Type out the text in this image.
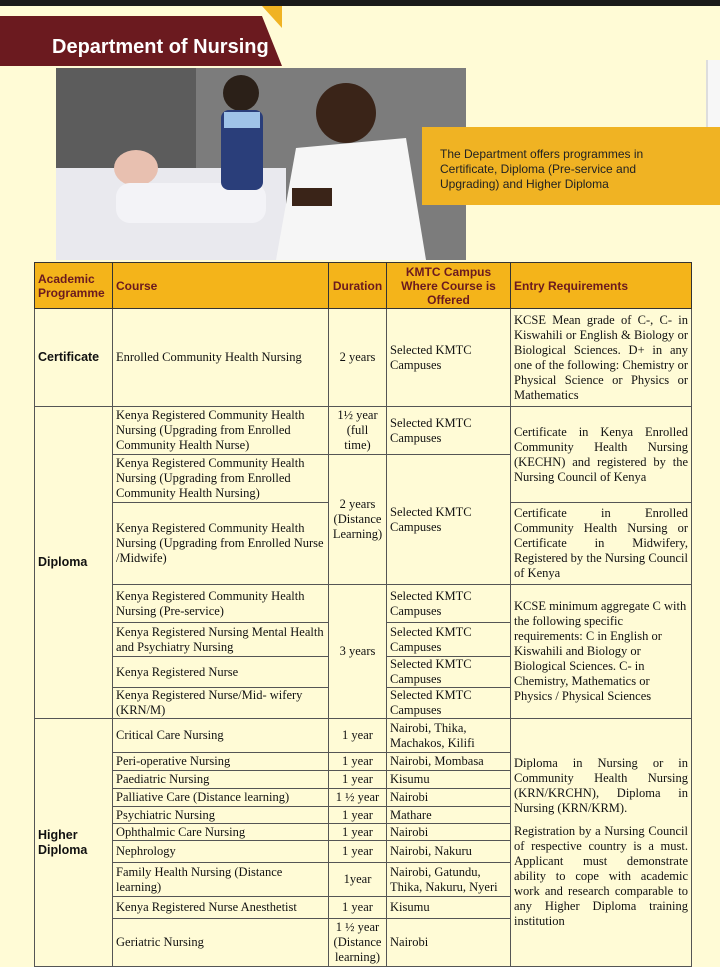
Department of Nursing
The Department offers programmes in Certificate, Diploma (Pre-service and Upgrading) and Higher Diploma
Academic Programme	Course	Duration	KMTC Campus Where Course is Offered	Entry Requirements
Certificate	Enrolled Community Health Nursing	2 years	Selected KMTC Campuses	KCSE Mean grade of C-, C- in Kiswahili or English & Biology or Biological Sciences. D+ in any one of the following: Chemistry or Physical Science or Physics or Mathematics
Diploma	Kenya Registered Community Health Nursing (Upgrading from Enrolled Community Health Nurse)	1½ year (full time)	Selected KMTC Campuses	Certificate in Kenya Enrolled Community Health Nursing (KECHN) and registered by the Nursing Council of Kenya
	Kenya Registered Community Health Nursing (Upgrading from Enrolled Community Health Nursing)	2 years (Distance Learning)	Selected KMTC Campuses	
	Kenya Registered Community Health Nursing (Upgrading from Enrolled Nurse /Midwife)			Certificate in Enrolled Community Health Nursing or Certificate in Midwifery, Registered by the Nursing Council of Kenya
	Kenya Registered Community Health Nursing (Pre-service)	3 years	Selected KMTC Campuses	KCSE minimum aggregate C with the following specific requirements: C in English or Kiswahili and Biology or Biological Sciences. C- in Chemistry, Mathematics or Physics / Physical Sciences
	Kenya Registered Nursing Mental Health and Psychiatry Nursing		Selected KMTC Campuses	
	Kenya Registered Nurse		Selected KMTC Campuses	
	Kenya Registered Nurse/Mid- wifery (KRN/M)		Selected KMTC Campuses	
Higher Diploma	Critical Care Nursing	1 year	Nairobi, Thika, Machakos, Kilifi	Diploma in Nursing or in Community Health Nursing (KRN/KRCHN), Diploma in Nursing (KRN/KRM).
Registration by a Nursing Council of respective country is a must. Applicant must demonstrate ability to cope with academic work and research comparable to any Higher Diploma training institution

	Peri-operative Nursing	1 year	Nairobi, Mombasa	
	Paediatric Nursing	1 year	Kisumu	
	Palliative Care (Distance learning)	1 ½ year	Nairobi	
	Psychiatric Nursing	1 year	Mathare	
	Ophthalmic Care Nursing	1 year	Nairobi	
	Nephrology	1 year	Nairobi, Nakuru	
	Family Health Nursing (Distance learning)	1year	Nairobi, Gatundu, Thika, Nakuru, Nyeri	
	Kenya Registered Nurse Anesthetist	1 year	Kisumu	
	Geriatric Nursing	1 ½ year (Distance learning)	Nairobi	
